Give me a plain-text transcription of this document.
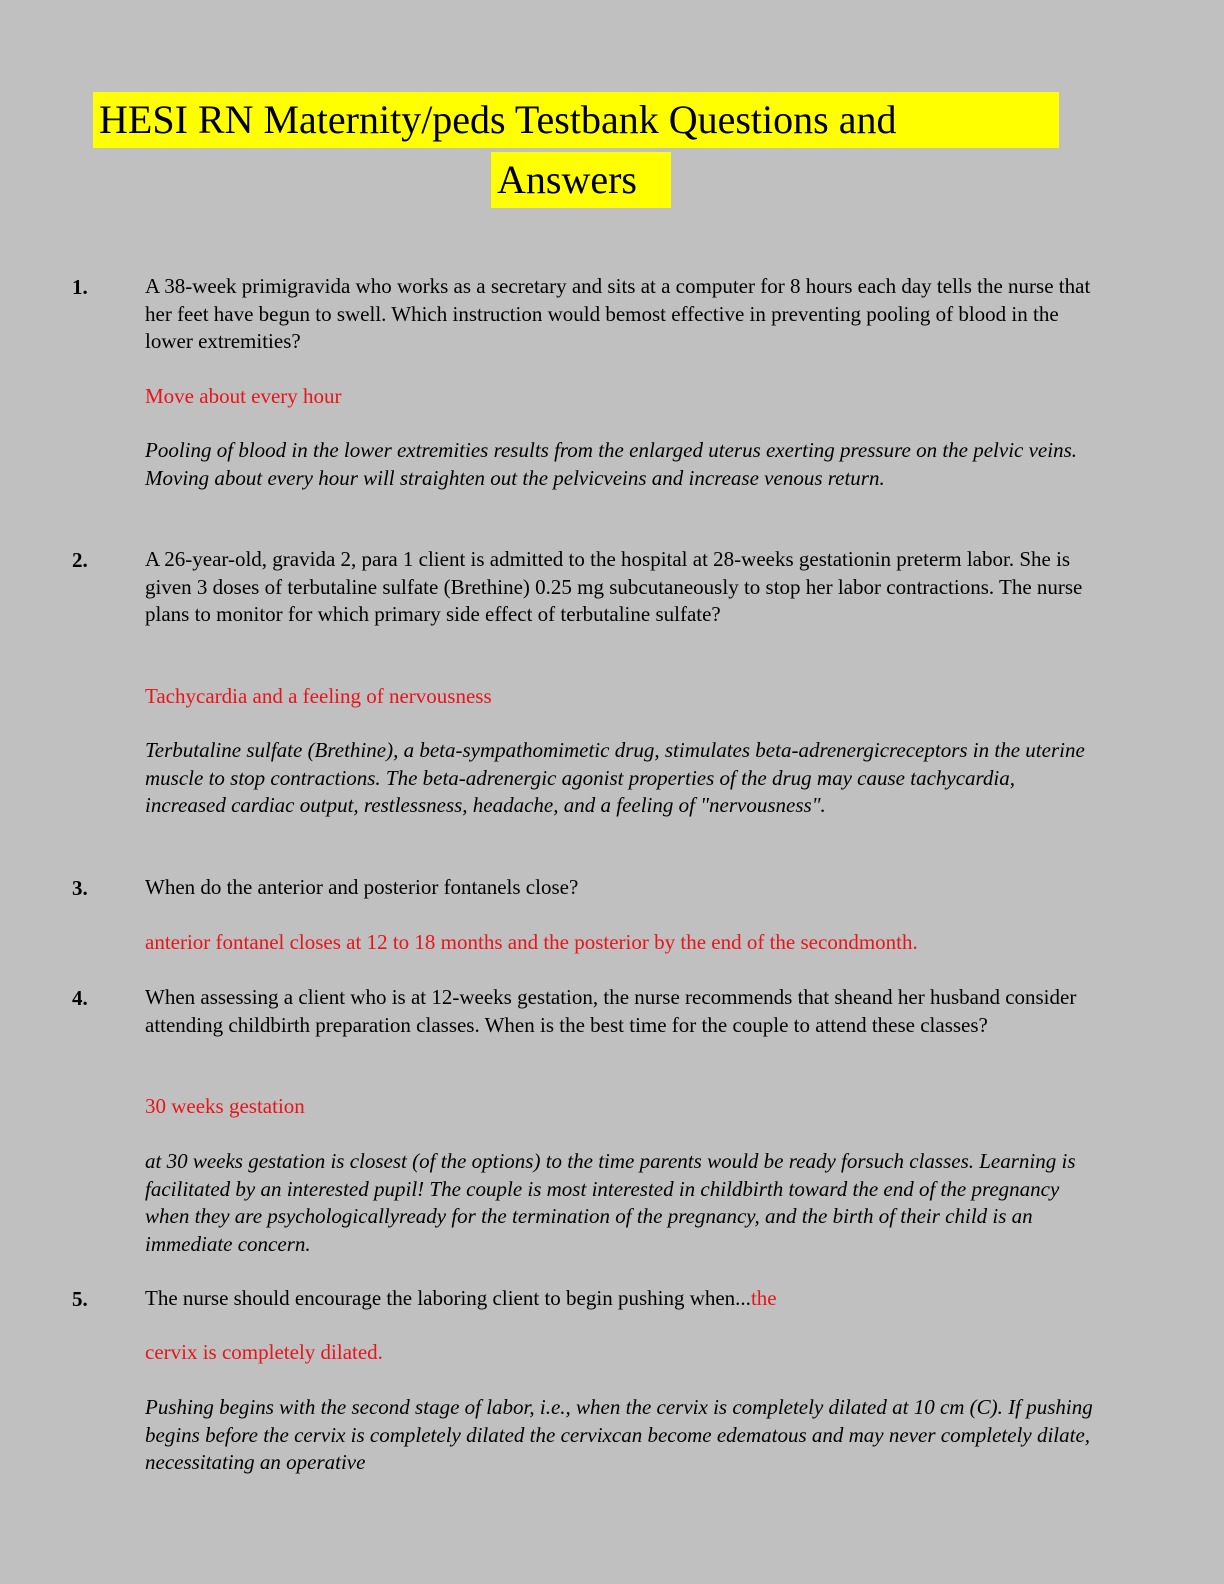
HESI RN Maternity/peds Testbank Questions and
Answers
1.	A 38-week primigravida who works as a secretary and sits at a computer for 8 hours each day tells the nurse that her feet have begun to swell. Which instruction would bemost effective in preventing pooling of blood in the lower extremities?

Move about every hour

Pooling of blood in the lower extremities results from the enlarged uterus exerting pressure on the pelvic veins. Moving about every hour will straighten out the pelvicveins and increase venous return.

2.	A 26-year-old, gravida 2, para 1 client is admitted to the hospital at 28-weeks gestationin preterm labor. She is given 3 doses of terbutaline sulfate (Brethine) 0.25 mg subcutaneously to stop her labor contractions. The nurse plans to monitor for which primary side effect of terbutaline sulfate?

Tachycardia and a feeling of nervousness

Terbutaline sulfate (Brethine), a beta-sympathomimetic drug, stimulates beta-adrenergicreceptors in the uterine muscle to stop contractions. The beta-adrenergic agonist properties of the drug may cause tachycardia, increased cardiac output, restlessness, headache, and a feeling of "nervousness".

3.	When do the anterior and posterior fontanels close?

anterior fontanel closes at 12 to 18 months and the posterior by the end of the secondmonth.

4.	When assessing a client who is at 12-weeks gestation, the nurse recommends that sheand her husband consider attending childbirth preparation classes. When is the best time for the couple to attend these classes?

30 weeks gestation

at 30 weeks gestation is closest (of the options) to the time parents would be ready forsuch classes. Learning is facilitated by an interested pupil! The couple is most interested in childbirth toward the end of the pregnancy when they are psychologicallyready for the termination of the pregnancy, and the birth of their child is an immediate concern.

5.	The nurse should encourage the laboring client to begin pushing when...the

cervix is completely dilated.

Pushing begins with the second stage of labor, i.e., when the cervix is completely dilated at 10 cm (C). If pushing begins before the cervix is completely dilated the cervixcan become edematous and may never completely dilate, necessitating an operative
